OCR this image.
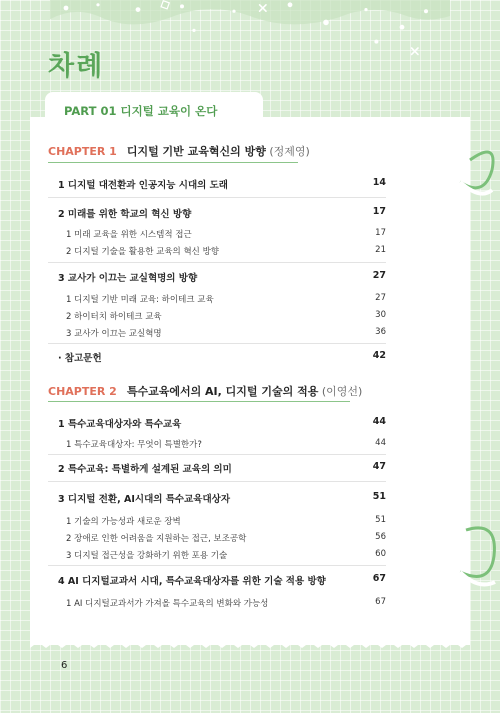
차례
PART 01 디지털 교육이 온다
CHAPTER 1 디지털 기반 교육혁신의 방향 (정제영)
1 디지털 대전환과 인공지능 시대의 도래	14
2 미래를 위한 학교의 혁신 방향	17
1 미래 교육을 위한 시스템적 접근	17
2 디지털 기술을 활용한 교육의 혁신 방향	21
3 교사가 이끄는 교실혁명의 방향	27
1 디지털 기반 미래 교육: 하이테크 교육	27
2 하이터치 하이테크 교육	30
3 교사가 이끄는 교실혁명	36
· 참고문헌	42
CHAPTER 2 특수교육에서의 AI, 디지털 기술의 적용 (이영선)
1 특수교육대상자와 특수교육	44
1 특수교육대상자: 무엇이 특별한가?	44
2 특수교육: 특별하게 설계된 교육의 의미	47
3 디지털 전환, AI시대의 특수교육대상자	51
1 기술의 가능성과 새로운 장벽	51
2 장애로 인한 어려움을 지원하는 접근, 보조공학	56
3 디지털 접근성을 강화하기 위한 포용 기술	60
4 AI 디지털교과서 시대, 특수교육대상자를 위한 기술 적용 방향	67
1 AI 디지털교과서가 가져올 특수교육의 변화와 가능성	67
6
